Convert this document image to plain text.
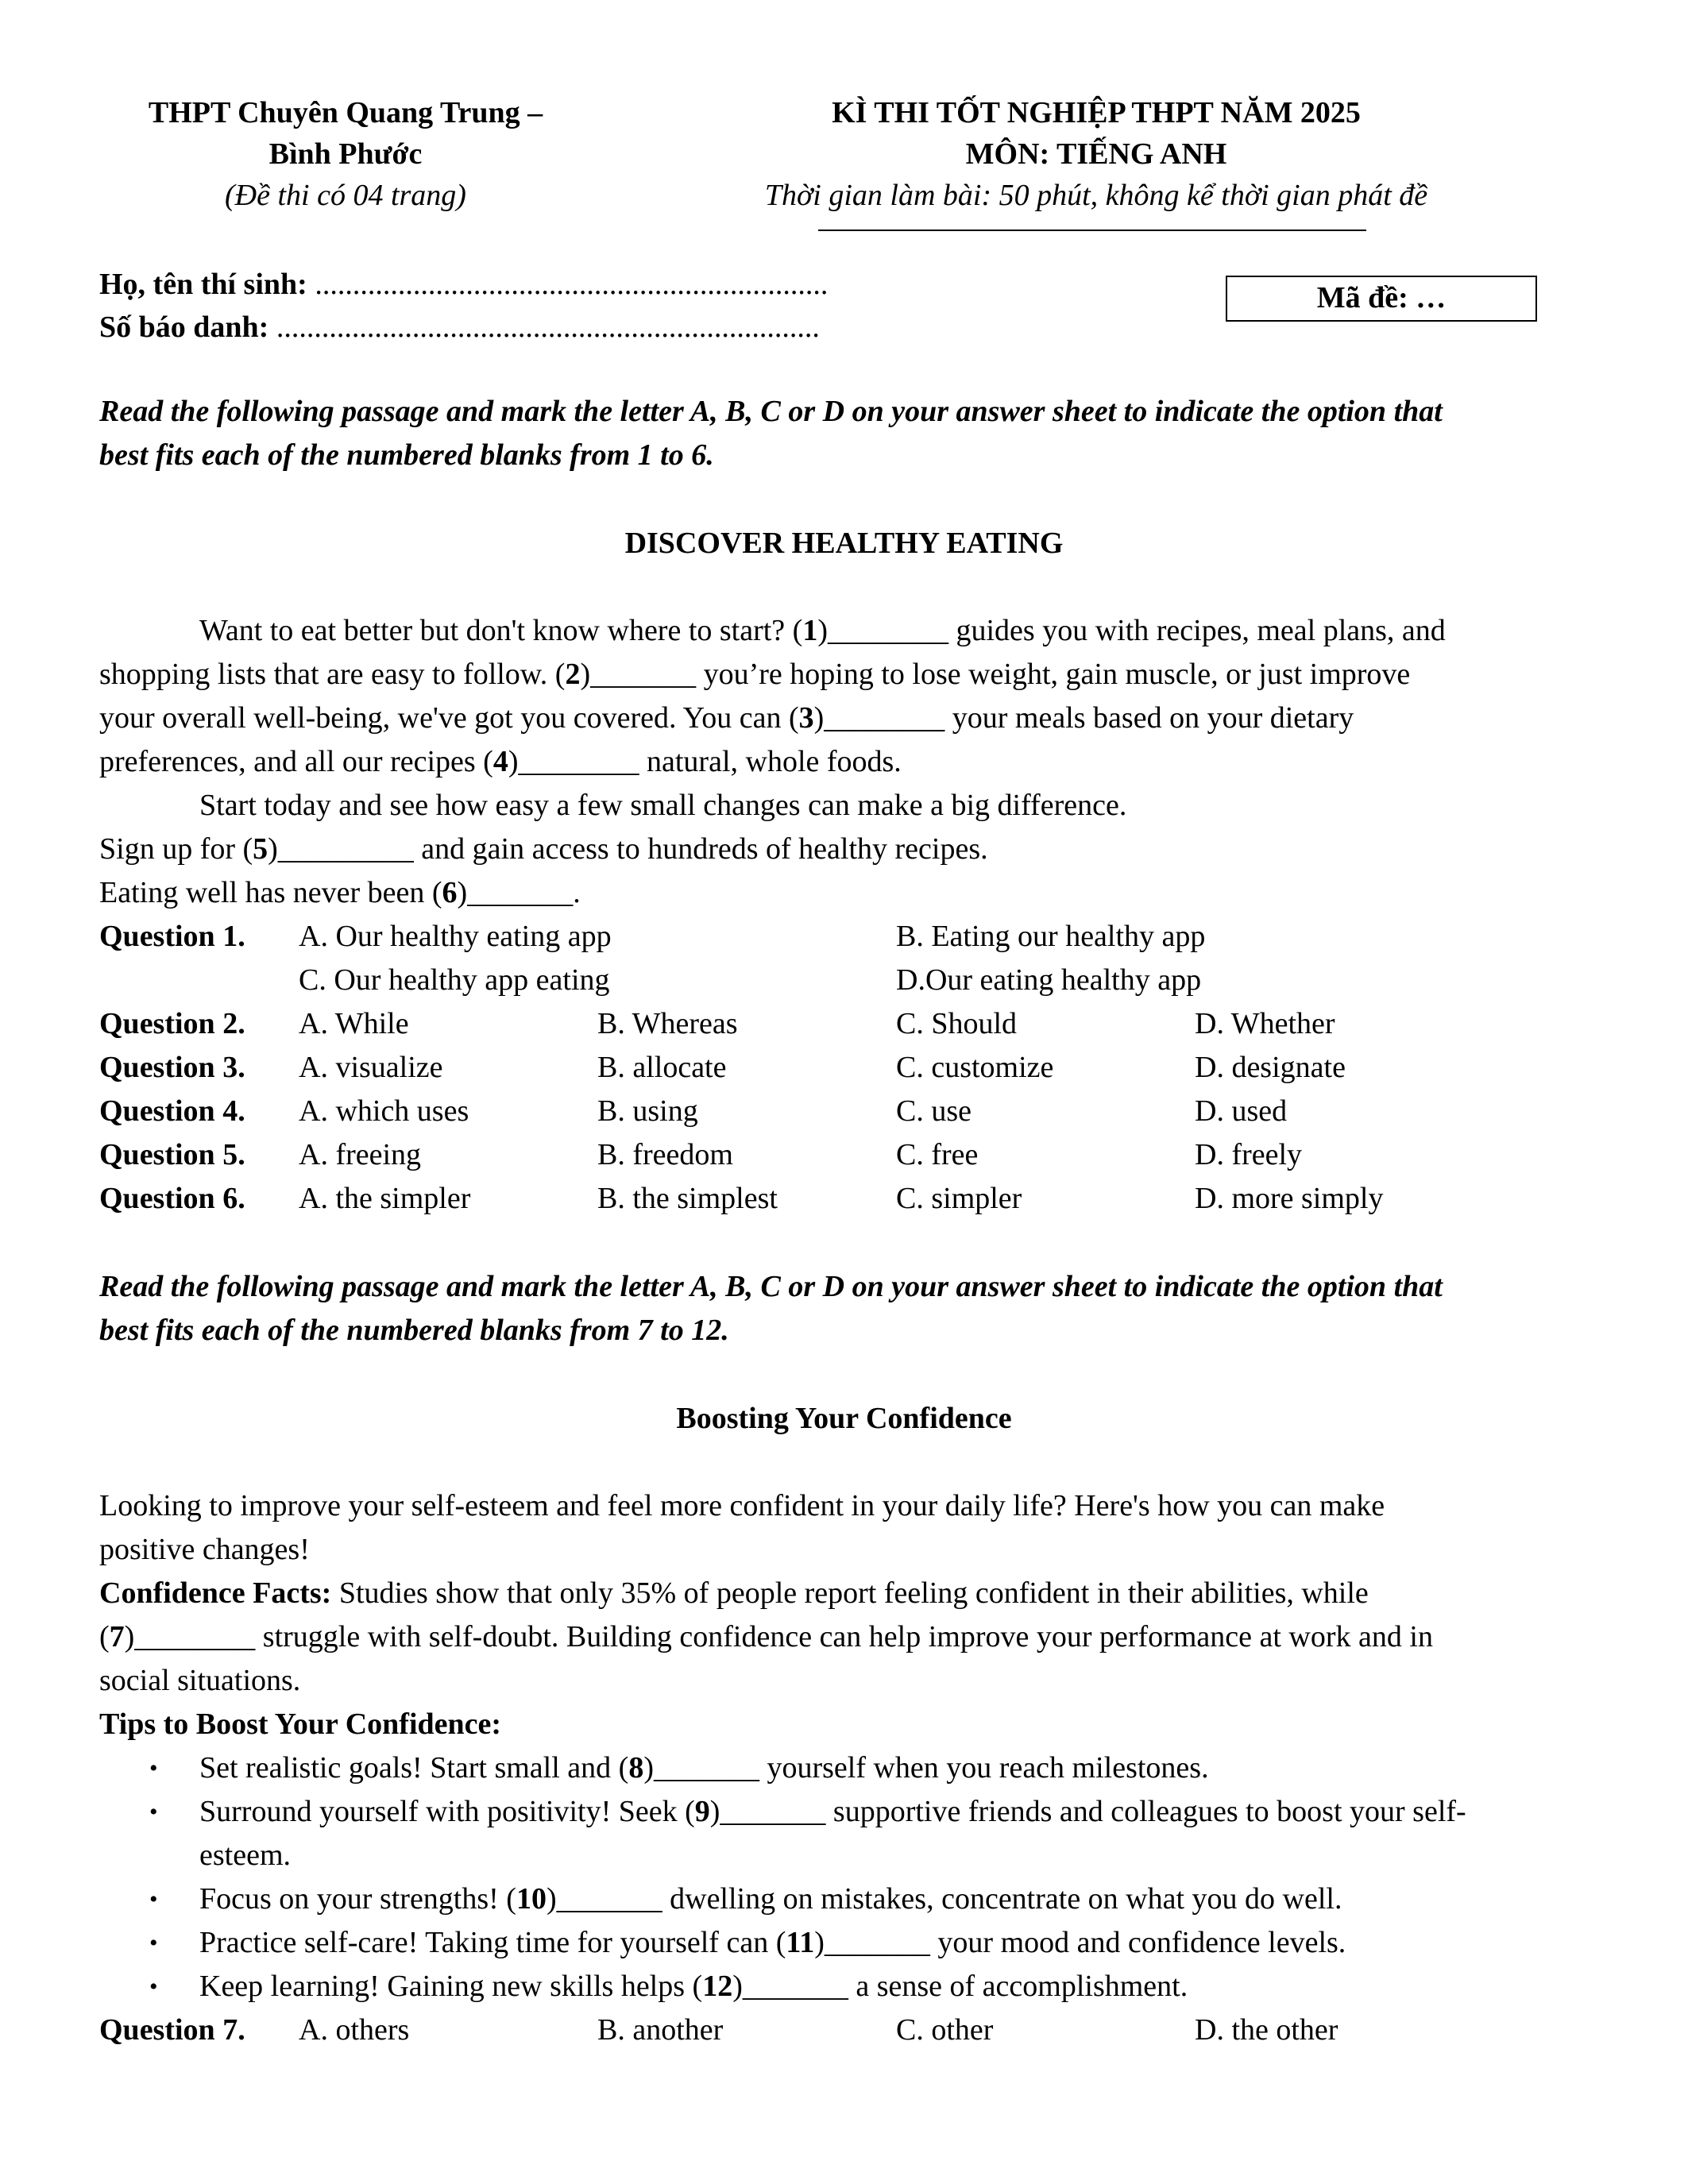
THPT Chuyên Quang Trung –
Bình Phước
(Đề thi có 04 trang)
KÌ THI TỐT NGHIỆP THPT NĂM 2025
MÔN: TIẾNG ANH
Thời gian làm bài: 50 phút, không kể thời gian phát đề
Họ, tên thí sinh: ....................................................................
Số báo danh: ........................................................................
Mã đề: …
Read the following passage and mark the letter A, B, C or D on your answer sheet to indicate the option that
best fits each of the numbered blanks from 1 to 6.
DISCOVER HEALTHY EATING
Want to eat better but don't know where to start? (1)________ guides you with recipes, meal plans, and
shopping lists that are easy to follow. (2)_______ you’re hoping to lose weight, gain muscle, or just improve
your overall well-being, we've got you covered. You can (3)________ your meals based on your dietary
preferences, and all our recipes (4)________ natural, whole foods.
Start today and see how easy a few small changes can make a big difference.
Sign up for (5)_________ and gain access to hundreds of healthy recipes.
Eating well has never been (6)_______.
Question 1. A. Our healthy eating app	B. Eating our healthy app
C. Our healthy app eating	D.Our eating healthy app
Question 2. A. While	B. Whereas	C. Should	D. Whether
Question 3. A. visualize	B. allocate	C. customize	D. designate
Question 4. A. which uses	B. using	C. use	D. used
Question 5. A. freeing	B. freedom	C. free	D. freely
Question 6. A. the simpler	B. the simplest	C. simpler	D. more simply
Read the following passage and mark the letter A, B, C or D on your answer sheet to indicate the option that
best fits each of the numbered blanks from 7 to 12.
Boosting Your Confidence
Looking to improve your self-esteem and feel more confident in your daily life? Here's how you can make
positive changes!
Confidence Facts: Studies show that only 35% of people report feeling confident in their abilities, while
(7)________ struggle with self-doubt. Building confidence can help improve your performance at work and in
social situations.
Tips to Boost Your Confidence:
• Set realistic goals! Start small and (8)_______ yourself when you reach milestones.
• Surround yourself with positivity! Seek (9)_______ supportive friends and colleagues to boost your self-
esteem.
• Focus on your strengths! (10)_______ dwelling on mistakes, concentrate on what you do well.
• Practice self-care! Taking time for yourself can (11)_______ your mood and confidence levels.
• Keep learning! Gaining new skills helps (12)_______ a sense of accomplishment.
Question 7. A. others	B. another	C. other	D. the other
